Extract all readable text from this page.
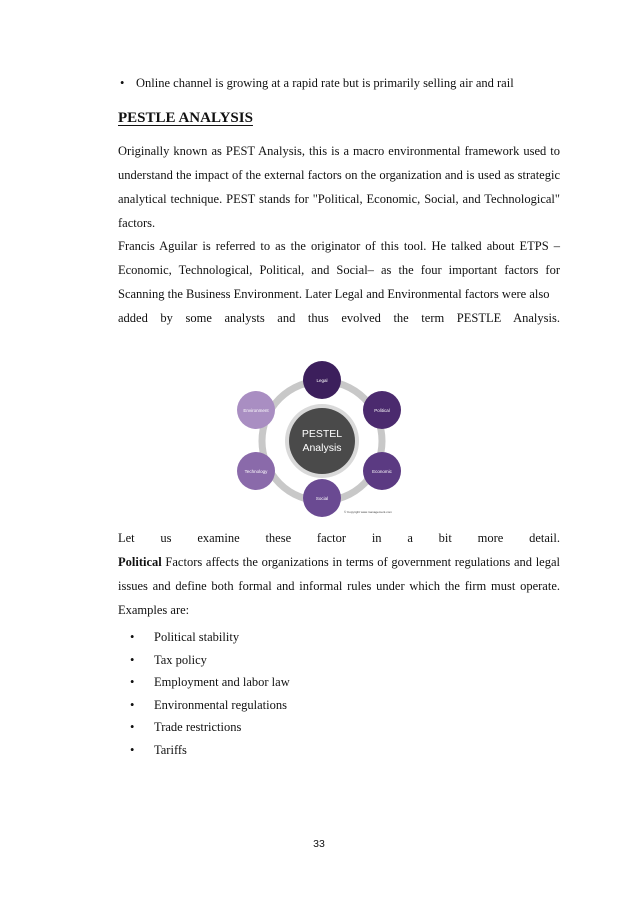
• Online channel is growing at a rapid rate but is primarily selling air and rail
PESTLE ANALYSIS

Originally known as PEST Analysis, this is a macro environmental framework used to understand the impact of the external factors on the organization and is used as strategic analytical technique. PEST stands for "Political, Economic, Social, and Technological" factors.

Francis Aguilar is referred to as the originator of this tool. He talked about ETPS – Economic, Technological, Political, and Social– as the four important factors for Scanning the Business Environment. Later Legal and Environmental factors were also
added by some analysts and thus evolved the term PESTLE Analysis.

PESTEL
Analysis
Legal
Political
Economic
Social
Technology
Environment
© Copyright www.management.com

Let us examine these factor in a bit more detail.
Political Factors affects the organizations in terms of government regulations and legal issues and define both formal and informal rules under which the firm must operate. Examples are:

• Political stability
• Tax policy
• Employment and labor law
• Environmental regulations
• Trade restrictions
• Tariffs
33
